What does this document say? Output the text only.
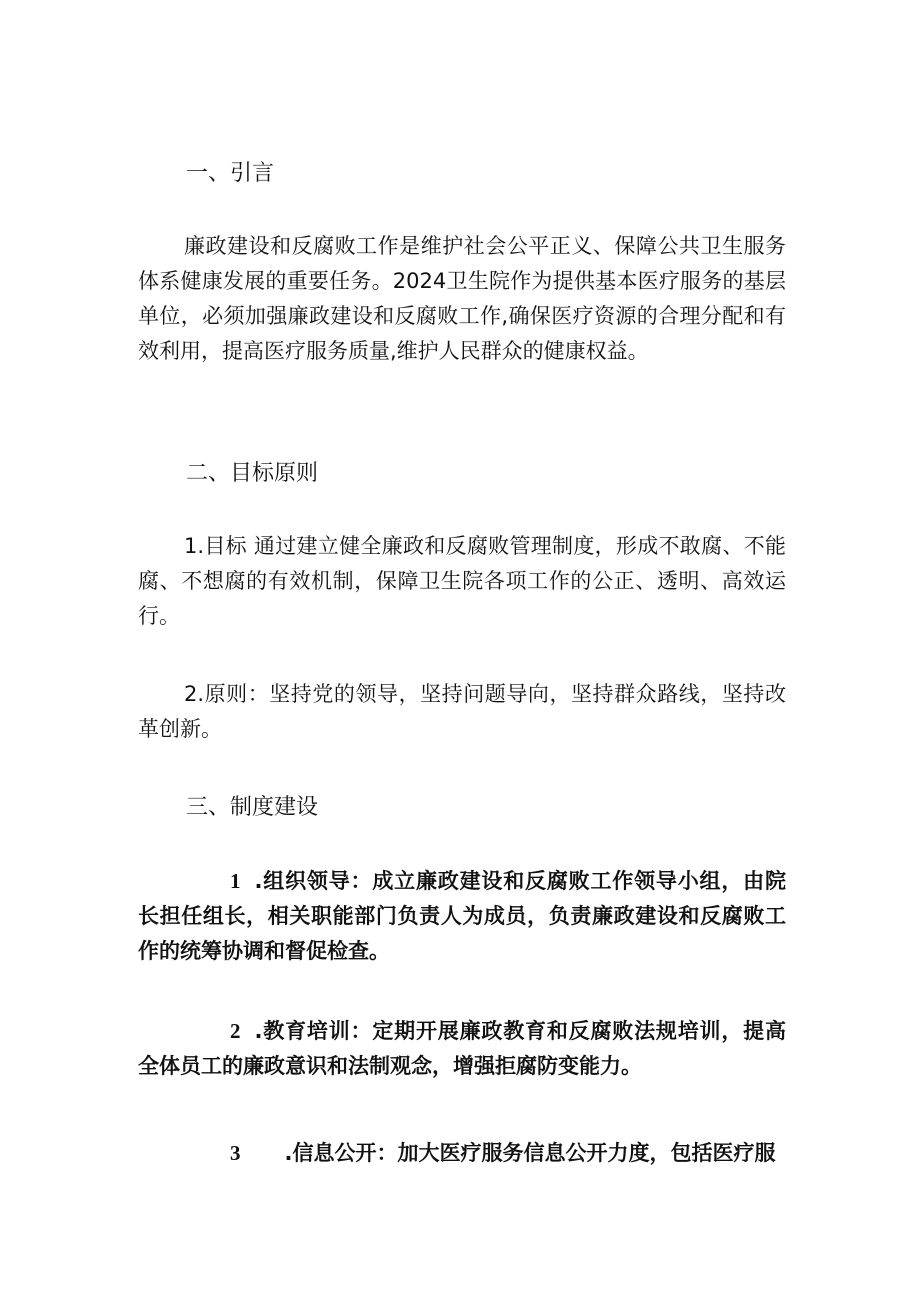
一、引言

廉政建设和反腐败工作是维护社会公平正义、保障公共卫生服务体系健康发展的重要任务。2024卫生院作为提供基本医疗服务的基层单位，必须加强廉政建设和反腐败工作,确保医疗资源的合理分配和有效利用，提高医疗服务质量,维护人民群众的健康权益。

二、目标原则

1.目标 通过建立健全廉政和反腐败管理制度，形成不敢腐、不能腐、不想腐的有效机制，保障卫生院各项工作的公正、透明、高效运行。

2.原则：坚持党的领导，坚持问题导向，坚持群众路线，坚持改革创新。

三、制度建设

1 .组织领导：成立廉政建设和反腐败工作领导小组，由院长担任组长，相关职能部门负责人为成员，负责廉政建设和反腐败工作的统筹协调和督促检查。

2 .教育培训：定期开展廉政教育和反腐败法规培训，提高全体员工的廉政意识和法制观念，增强拒腐防变能力。

3 .信息公开：加大医疗服务信息公开力度，包括医疗服
